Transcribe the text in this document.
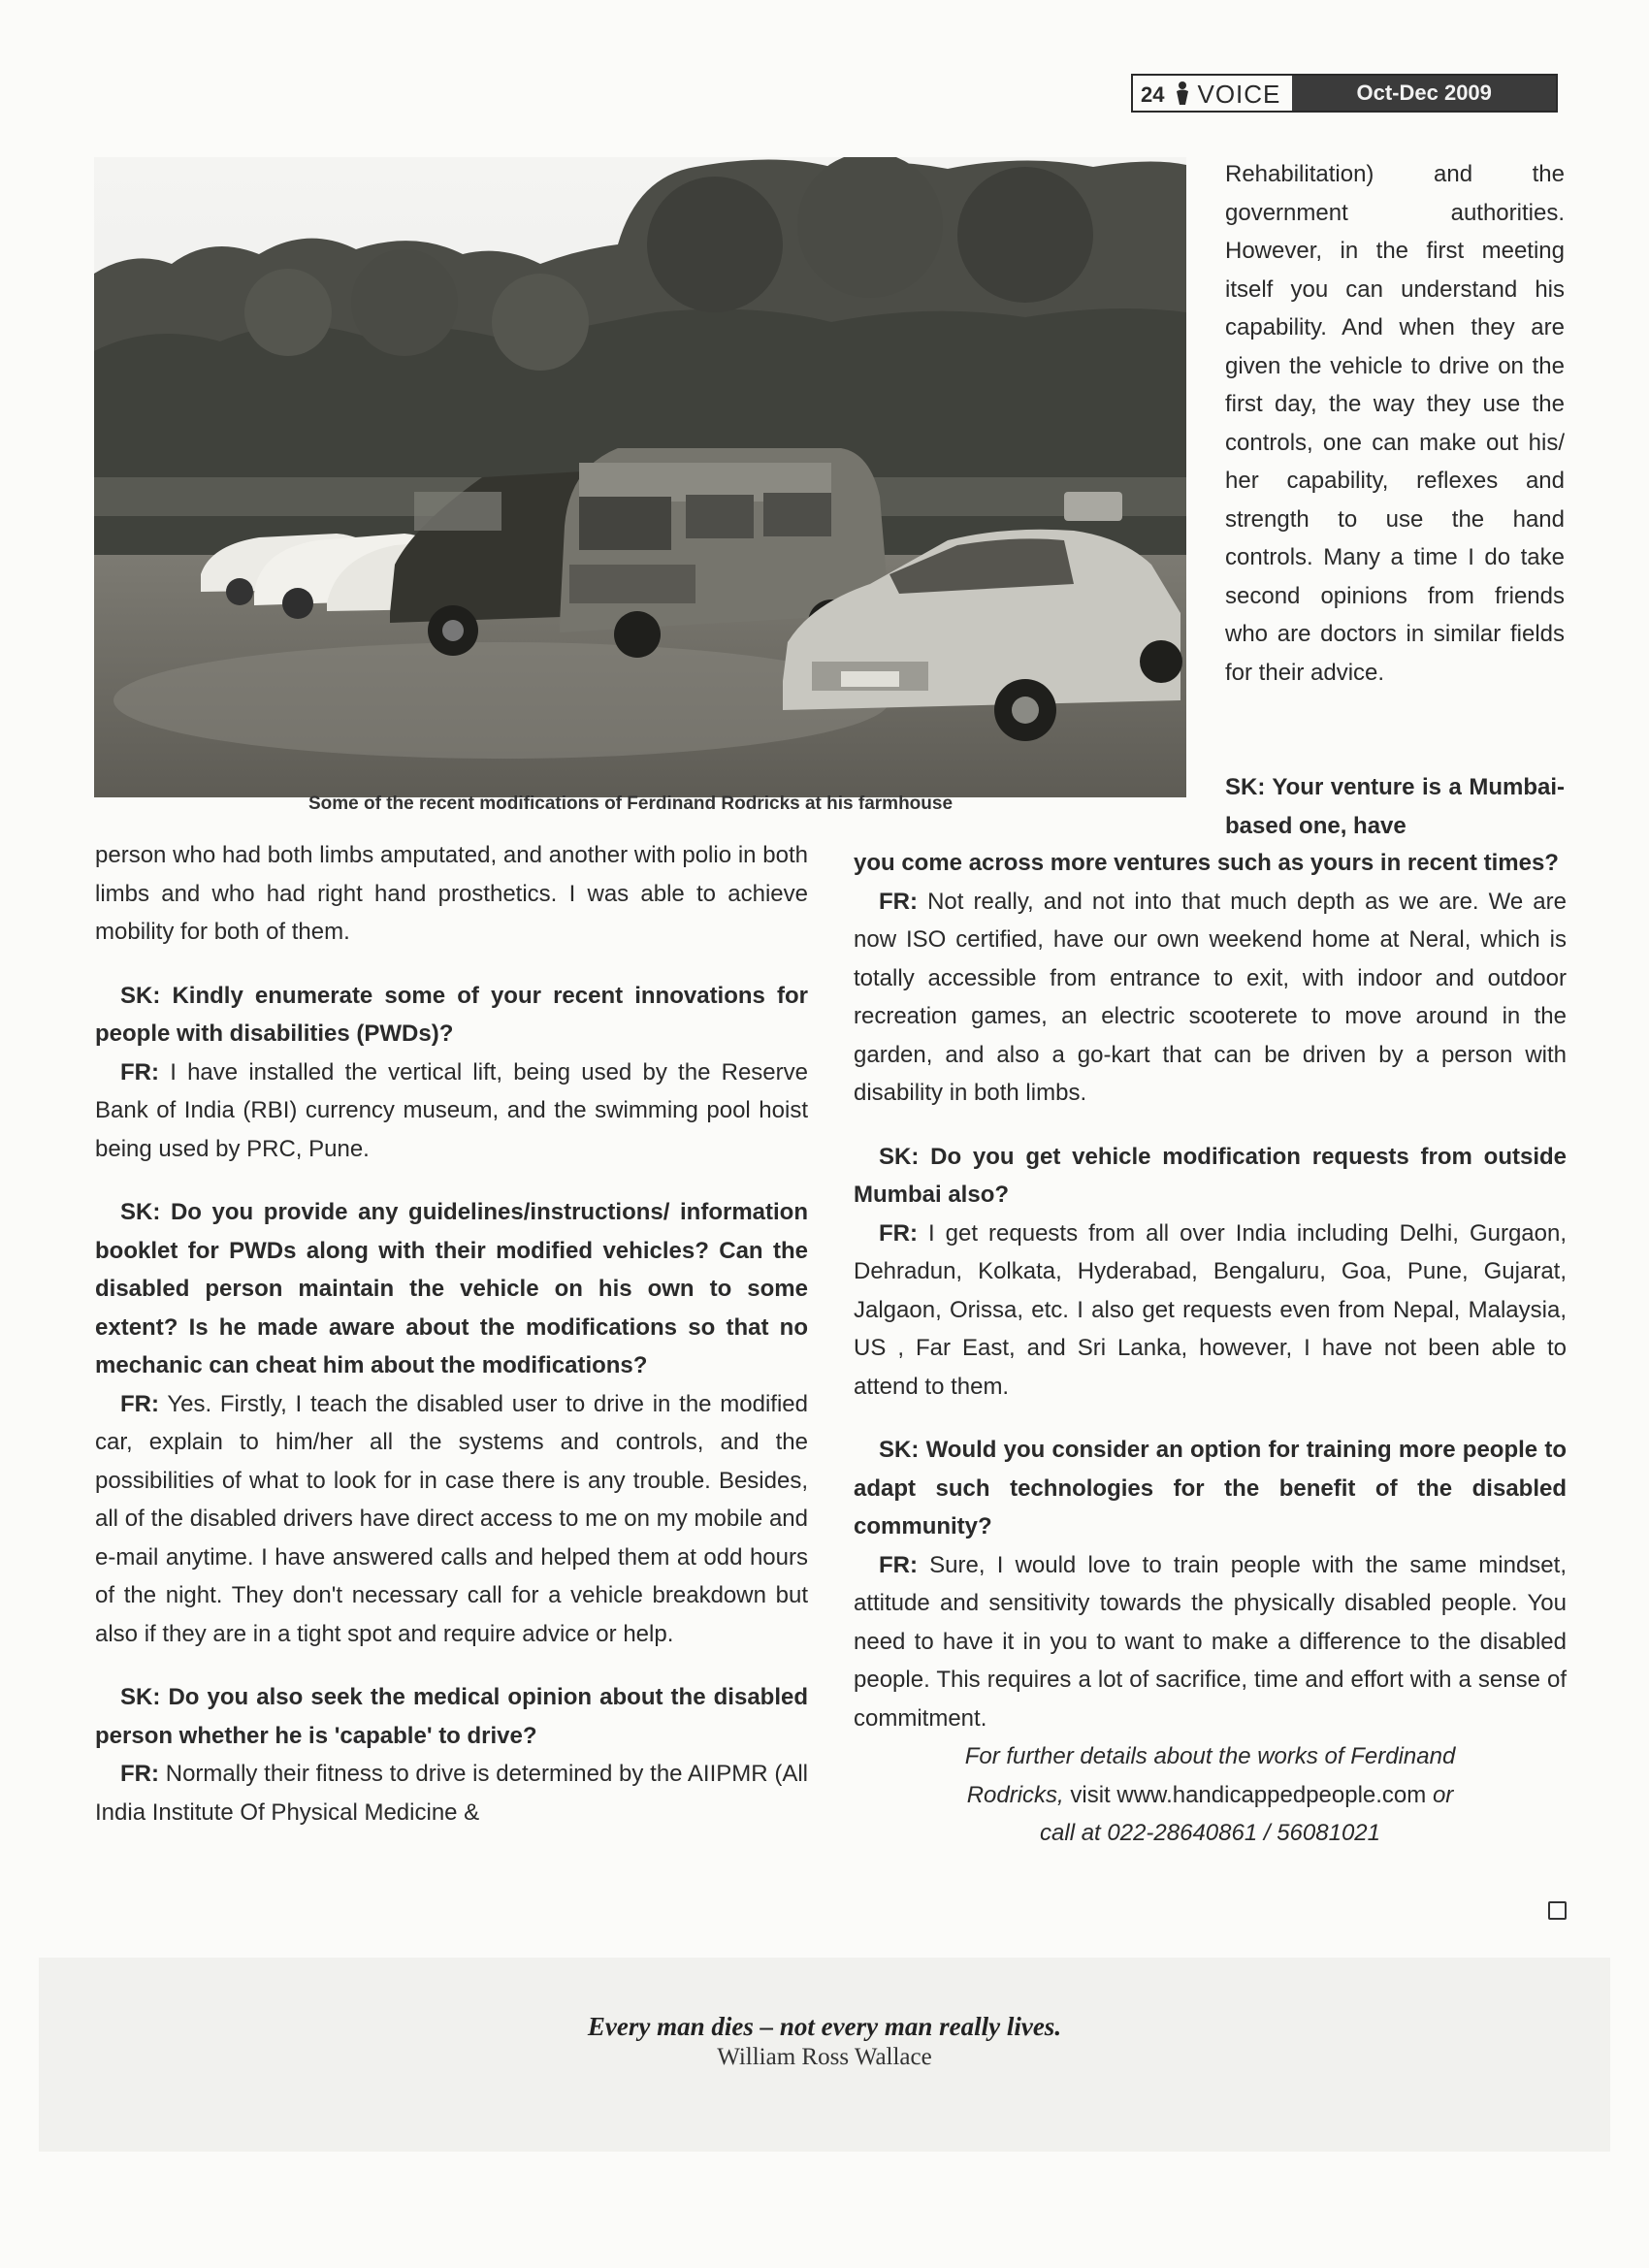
24 VOICE	Oct-Dec 2009
Some of the recent modifications of Ferdinand Rodricks at his farmhouse

Rehabilitation) and the government authorities. However, in the first meeting itself you can understand his capability. And when they are given the vehicle to drive on the first day, the way they use the controls, one can make out his/ her capability, reflexes and strength to use the hand controls. Many a time I do take second opinions from friends who are doctors in similar fields for their advice.

SK: Your venture is a Mumbai-based one, have

person who had both limbs amputated, and another with polio in both limbs and who had right hand prosthetics. I was able to achieve mobility for both of them.

SK: Kindly enumerate some of your recent innovations for people with disabilities (PWDs)?

FR: I have installed the vertical lift, being used by the Reserve Bank of India (RBI) currency museum, and the swimming pool hoist being used by PRC, Pune.

SK: Do you provide any guidelines/instructions/ information booklet for PWDs along with their modified vehicles? Can the disabled person maintain the vehicle on his own to some extent? Is he made aware about the modifications so that no mechanic can cheat him about the modifications?

FR: Yes. Firstly, I teach the disabled user to drive in the modified car, explain to him/her all the systems and controls, and the possibilities of what to look for in case there is any trouble. Besides, all of the disabled drivers have direct access to me on my mobile and e-mail anytime. I have answered calls and helped them at odd hours of the night. They don't necessary call for a vehicle breakdown but also if they are in a tight spot and require advice or help.

SK: Do you also seek the medical opinion about the disabled person whether he is 'capable' to drive?

FR: Normally their fitness to drive is determined by the AIIPMR (All India Institute Of Physical Medicine &

you come across more ventures such as yours in recent times?

FR: Not really, and not into that much depth as we are. We are now ISO certified, have our own weekend home at Neral, which is totally accessible from entrance to exit, with indoor and outdoor recreation games, an electric scooterete to move around in the garden, and also a go-kart that can be driven by a person with disability in both limbs.

SK: Do you get vehicle modification requests from outside Mumbai also?

FR: I get requests from all over India including Delhi, Gurgaon, Dehradun, Kolkata, Hyderabad, Bengaluru, Goa, Pune, Gujarat, Jalgaon, Orissa, etc. I also get requests even from Nepal, Malaysia, US , Far East, and Sri Lanka, however, I have not been able to attend to them.

SK: Would you consider an option for training more people to adapt such technologies for the benefit of the disabled community?

FR: Sure, I would love to train people with the same mindset, attitude and sensitivity towards the physically disabled people. You need to have it in you to want to make a difference to the disabled people. This requires a lot of sacrifice, time and effort with a sense of commitment.

For further details about the works of Ferdinand
Rodricks, visit www.handicappedpeople.com or
call at 022-28640861 / 56081021
Every man dies – not every man really lives.
William Ross Wallace
